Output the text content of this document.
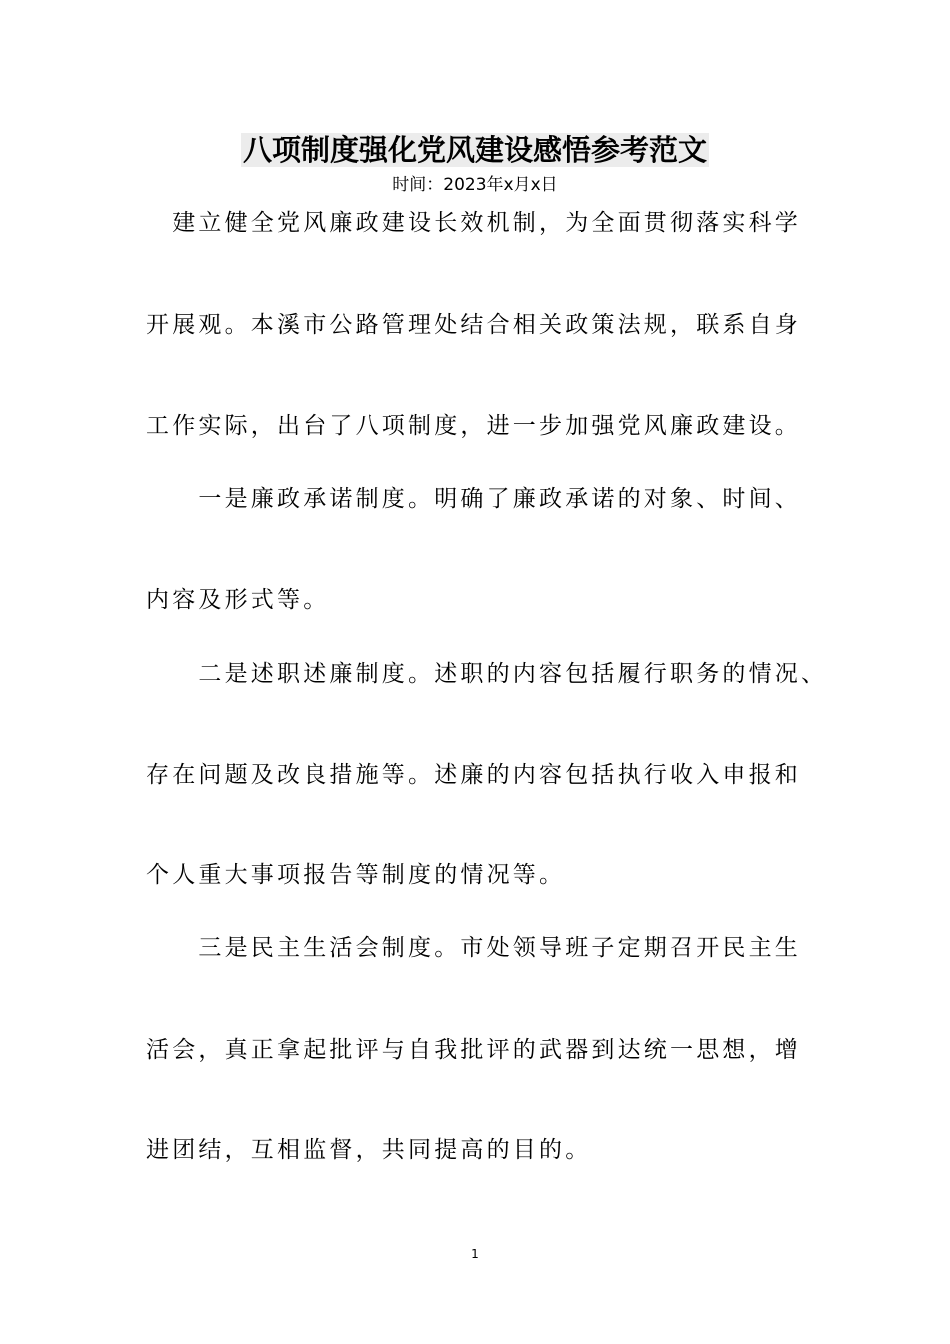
八项制度强化党风建设感悟参考范文
时间：2023年x月x日
　建立健全党风廉政建设长效机制，为全面贯彻落实科学
开展观。本溪市公路管理处结合相关政策法规，联系自身
工作实际，出台了八项制度，进一步加强党风廉政建设。
　　一是廉政承诺制度。明确了廉政承诺的对象、时间、
内容及形式等。
　　二是述职述廉制度。述职的内容包括履行职务的情况、
存在问题及改良措施等。述廉的内容包括执行收入申报和
个人重大事项报告等制度的情况等。
　　三是民主生活会制度。市处领导班子定期召开民主生
活会，真正拿起批评与自我批评的武器到达统一思想，增
进团结，互相监督，共同提高的目的。
1
